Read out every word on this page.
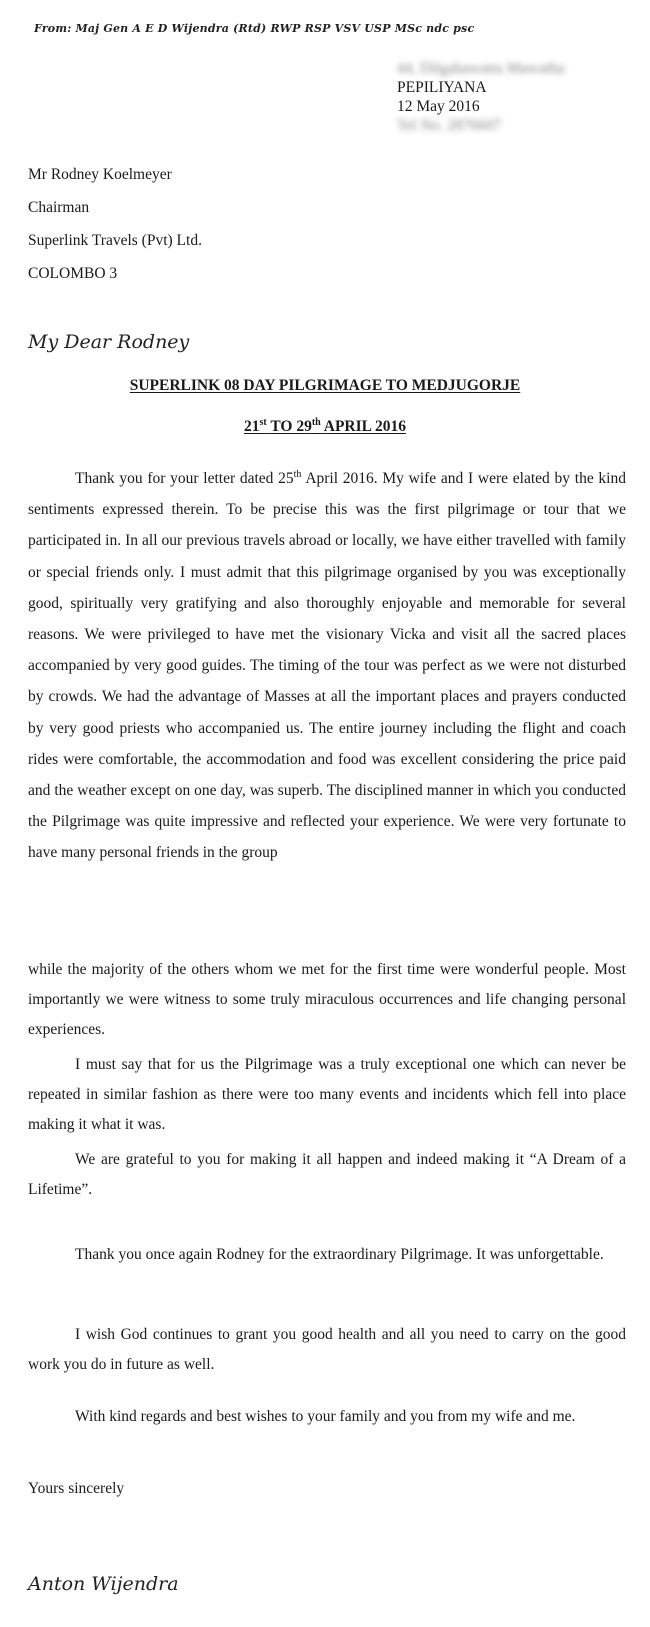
From: Maj Gen A E D Wijendra (Rtd) RWP RSP VSV USP MSc ndc psc
44, Dilgahawatta Mawatha
PEPILIYANA
12 May 2016
Tel No. 2876607
Mr Rodney Koelmeyer
Chairman
Superlink Travels (Pvt) Ltd.
COLOMBO 3
My Dear Rodney
SUPERLINK 08 DAY PILGRIMAGE TO MEDJUGORJE
21st TO 29th APRIL 2016

Thank you for your letter dated 25th April 2016. My wife and I were elated by the kind sentiments expressed therein. To be precise this was the first pilgrimage or tour that we participated in. In all our previous travels abroad or locally, we have either travelled with family or special friends only. I must admit that this pilgrimage organised by you was exceptionally good, spiritually very gratifying and also thoroughly enjoyable and memorable for several reasons. We were privileged to have met the visionary Vicka and visit all the sacred places accompanied by very good guides. The timing of the tour was perfect as we were not disturbed by crowds. We had the advantage of Masses at all the important places and prayers conducted by very good priests who accompanied us. The entire journey including the flight and coach rides were comfortable, the accommodation and food was excellent considering the price paid and the weather except on one day, was superb. The disciplined manner in which you conducted the Pilgrimage was quite impressive and reflected your experience. We were very fortunate to have many personal friends in the group

while the majority of the others whom we met for the first time were wonderful people. Most importantly we were witness to some truly miraculous occurrences and life changing personal experiences.

I must say that for us the Pilgrimage was a truly exceptional one which can never be repeated in similar fashion as there were too many events and incidents which fell into place making it what it was.

We are grateful to you for making it all happen and indeed making it “A Dream of a Lifetime”.

Thank you once again Rodney for the extraordinary Pilgrimage. It was unforgettable.

I wish God continues to grant you good health and all you need to carry on the good work you do in future as well.

With kind regards and best wishes to your family and you from my wife and me.

Yours sincerely
Anton Wijendra
